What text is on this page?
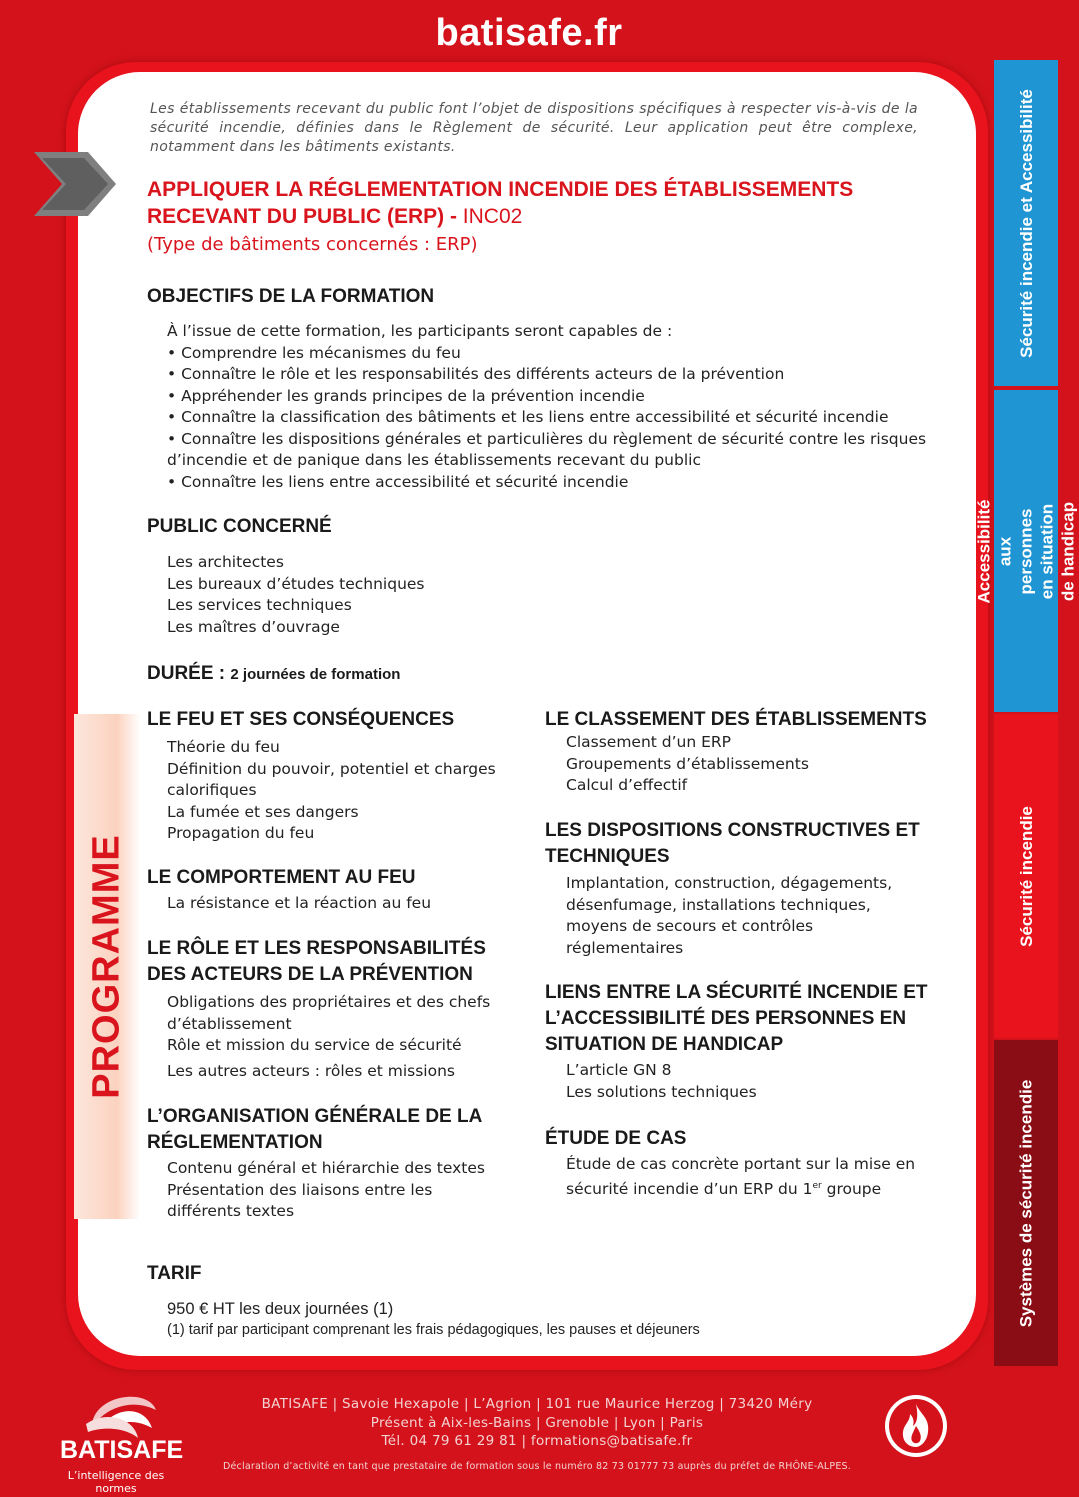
batisafe.fr
Les établissements recevant du public font l’objet de dispositions spécifiques à respecter vis-à-vis de la sécurité incendie, définies dans le Règlement de sécurité. Leur application peut être complexe, notamment dans les bâtiments existants.
APPLIQUER LA RÉGLEMENTATION INCENDIE DES ÉTABLISSEMENTS RECEVANT DU PUBLIC (ERP) - INC02
(Type de bâtiments concernés : ERP)
OBJECTIFS DE LA FORMATION
À l’issue de cette formation, les participants seront capables de :
• Comprendre les mécanismes du feu
• Connaître le rôle et les responsabilités des différents acteurs de la prévention
• Appréhender les grands principes de la prévention incendie
• Connaître la classification des bâtiments et les liens entre accessibilité et sécurité incendie
• Connaître les dispositions générales et particulières du règlement de sécurité contre les risques d’incendie et de panique dans les établissements recevant du public
• Connaître les liens entre accessibilité et sécurité incendie
PUBLIC CONCERNÉ
Les architectes
Les bureaux d’études techniques
Les services techniques
Les maîtres d’ouvrage
DURÉE : 2 journées de formation
PROGRAMME
LE FEU ET SES CONSÉQUENCES
Théorie du feu
Définition du pouvoir, potentiel et charges calorifiques
La fumée et ses dangers
Propagation du feu
LE COMPORTEMENT AU FEU
La résistance et la réaction au feu
LE RÔLE ET LES RESPONSABILITÉS DES ACTEURS DE LA PRÉVENTION
Obligations des propriétaires et des chefs d’établissement
Rôle et mission du service de sécurité
Les autres acteurs : rôles et missions
L’ORGANISATION GÉNÉRALE DE LA RÉGLEMENTATION
Contenu général et hiérarchie des textes
Présentation des liaisons entre les différents textes
LE CLASSEMENT DES ÉTABLISSEMENTS
Classement d’un ERP
Groupements d’établissements
Calcul d’effectif
LES DISPOSITIONS CONSTRUCTIVES ET TECHNIQUES
Implantation, construction, dégagements, désenfumage, installations techniques, moyens de secours et contrôles réglementaires
LIENS ENTRE LA SÉCURITÉ INCENDIE ET L’ACCESSIBILITÉ DES PERSONNES EN SITUATION DE HANDICAP
L’article GN 8
Les solutions techniques
ÉTUDE DE CAS
Étude de cas concrète portant sur la mise en sécurité incendie d’un ERP du 1er groupe
TARIF
950 € HT les deux journées (1)
(1) tarif par participant comprenant les frais pédagogiques, les pauses et déjeuners
Sécurité incendie et Accessibilité
Accessibilité aux personnes en situation de handicap
Sécurité incendie
Systèmes de sécurité incendie
BATISAFE
L’intelligence des normes
BATISAFE | Savoie Hexapole | L’Agrion | 101 rue Maurice Herzog | 73420 Méry
Présent à Aix-les-Bains | Grenoble | Lyon | Paris
Tél. 04 79 61 29 81 | formations@batisafe.fr
Déclaration d’activité en tant que prestataire de formation sous le numéro 82 73 01777 73 auprès du préfet de RHÔNE-ALPES.
